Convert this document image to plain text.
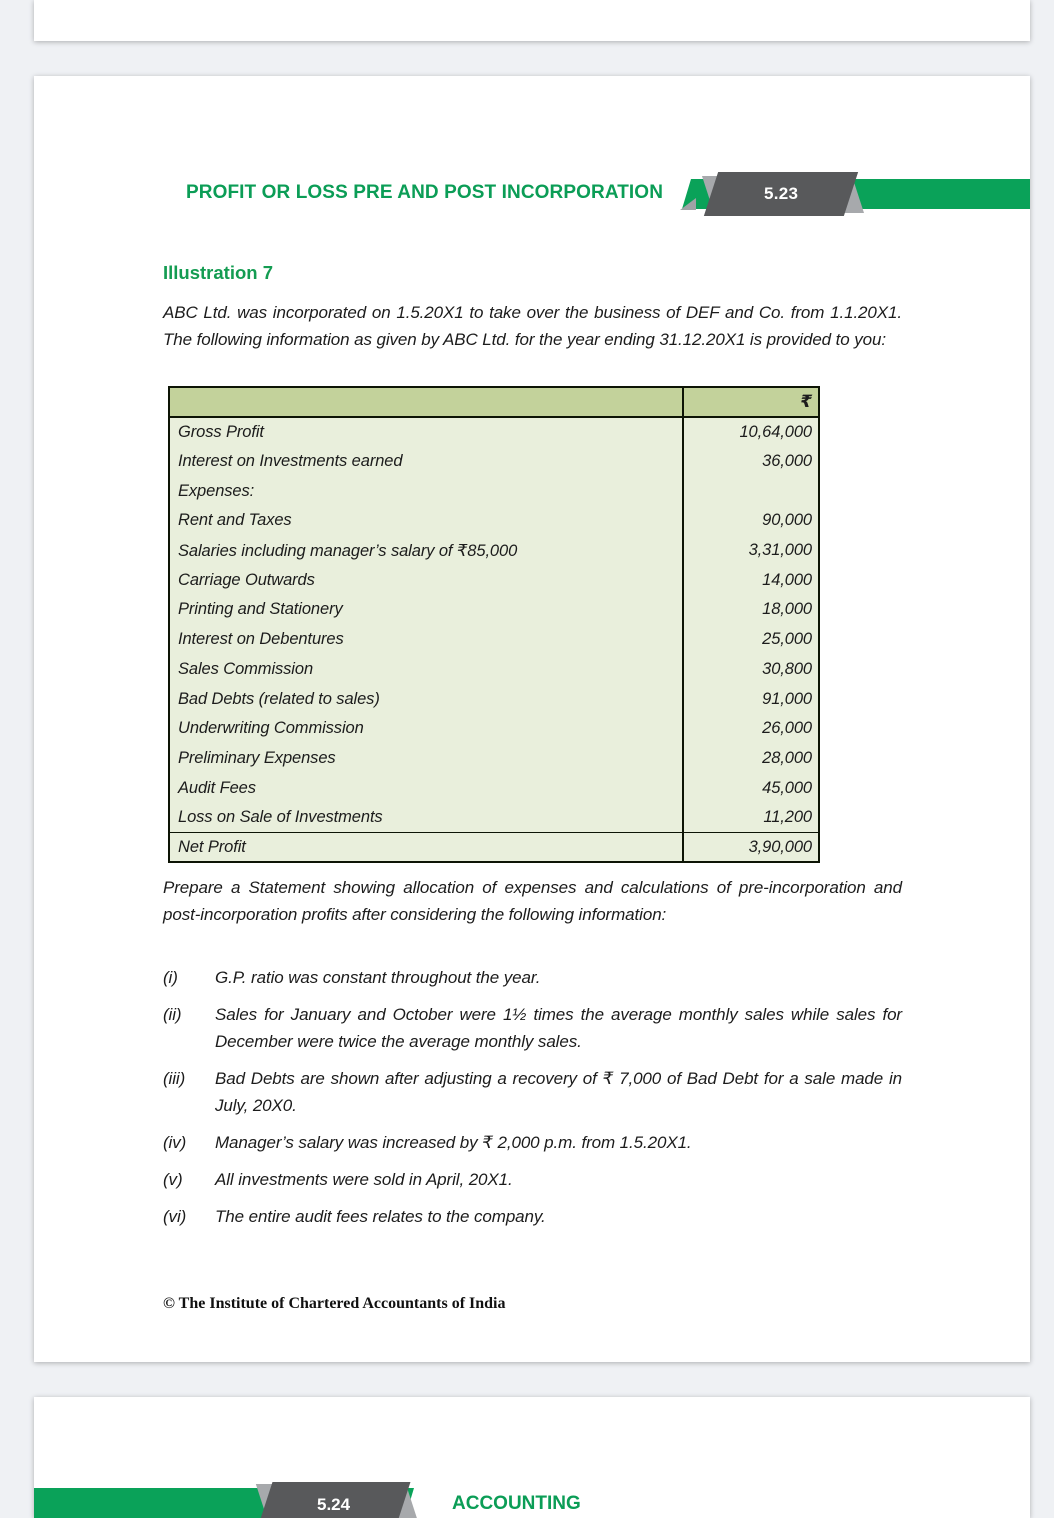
5.23
PROFIT OR LOSS PRE AND POST INCORPORATION
Illustration 7

ABC Ltd. was incorporated on 1.5.20X1 to take over the business of DEF and Co. from 1.1.20X1. The following information as given by ABC Ltd. for the year ending 31.12.20X1 is provided to you:

	₹
Gross Profit	10,64,000
Interest on Investments earned	36,000
Expenses:	
Rent and Taxes	90,000
Salaries including manager’s salary of ₹85,000	3,31,000
Carriage Outwards	14,000
Printing and Stationery	18,000
Interest on Debentures	25,000
Sales Commission	30,800
Bad Debts (related to sales)	91,000
Underwriting Commission	26,000
Preliminary Expenses	28,000
Audit Fees	45,000
Loss on Sale of Investments	11,200
Net Profit	3,90,000

Prepare a Statement showing allocation of expenses and calculations of pre-incorporation and post-incorporation profits after considering the following information:

(i)	G.P. ratio was constant throughout the year.
(ii)	Sales for January and October were 1½ times the average monthly sales while sales for December were twice the average monthly sales.
(iii)	Bad Debts are shown after adjusting a recovery of ₹ 7,000 of Bad Debt for a sale made in July, 20X0.
(iv)	Manager’s salary was increased by ₹ 2,000 p.m. from 1.5.20X1.
(v)	All investments were sold in April, 20X1.
(vi)	The entire audit fees relates to the company.
© The Institute of Chartered Accountants of India
5.24	ACCOUNTING
